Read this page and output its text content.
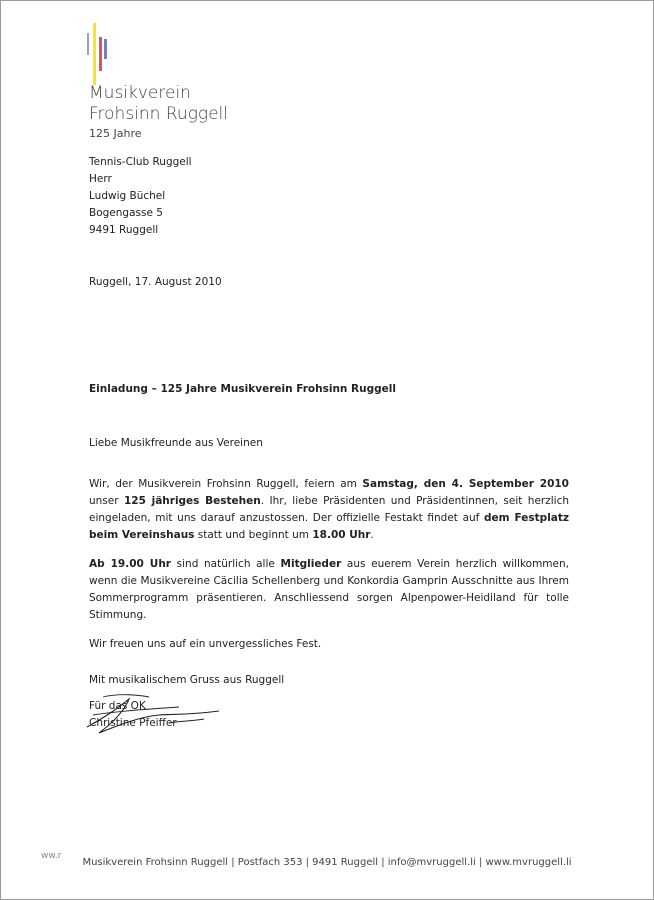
Musikverein
Frohsinn Ruggell
125 Jahre
Tennis-Club Ruggell
Herr
Ludwig Büchel
Bogengasse 5
9491 Ruggell
Ruggell, 17. August 2010
Einladung – 125 Jahre Musikverein Frohsinn Ruggell
Liebe Musikfreunde aus Vereinen

Wir, der Musikverein Frohsinn Ruggell, feiern am Samstag, den 4. September 2010 unser 125 jähriges Bestehen. Ihr, liebe Präsidenten und Präsidentinnen, seit herzlich eingeladen, mit uns darauf anzustossen. Der offizielle Festakt findet auf dem Festplatz beim Vereinshaus statt und beginnt um 18.00 Uhr.

Ab 19.00 Uhr sind natürlich alle Mitglieder aus euerem Verein herzlich willkommen, wenn die Musikvereine Cäcilia Schellenberg und Konkordia Gamprin Ausschnitte aus Ihrem Sommerprogramm präsentieren. Anschliessend sorgen Alpenpower-Heidiland für tolle Stimmung.

Wir freuen uns auf ein unvergessliches Fest.

Mit musikalischem Gruss aus Ruggell
Für das OK
Christine Pfeiffer
ww.r
Musikverein Frohsinn Ruggell | Postfach 353 | 9491 Ruggell | info@mvruggell.li | www.mvruggell.li
